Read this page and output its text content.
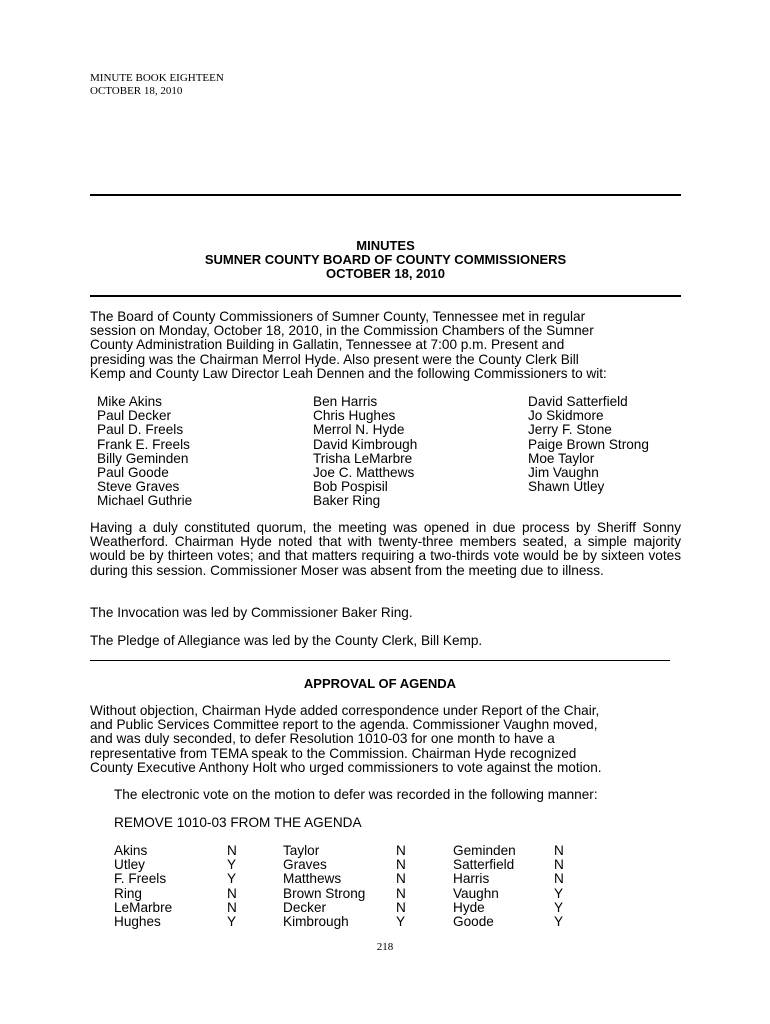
MINUTE BOOK EIGHTEEN
OCTOBER 18, 2010
MINUTES
SUMNER COUNTY BOARD OF COUNTY COMMISSIONERS
OCTOBER 18, 2010
The Board of County Commissioners of Sumner County, Tennessee met in regular
session on Monday, October 18, 2010, in the Commission Chambers of the Sumner
County Administration Building in Gallatin, Tennessee at 7:00 p.m. Present and
presiding was the Chairman Merrol Hyde. Also present were the County Clerk Bill
Kemp and County Law Director Leah Dennen and the following Commissioners to wit:
Mike Akins
Paul Decker
Paul D. Freels
Frank E. Freels
Billy Geminden
Paul Goode
Steve Graves
Michael Guthrie
Ben Harris
Chris Hughes
Merrol N. Hyde
David Kimbrough
Trisha LeMarbre
Joe C. Matthews
Bob Pospisil
Baker Ring
David Satterfield
Jo Skidmore
Jerry F. Stone
Paige Brown Strong
Moe Taylor
Jim Vaughn
Shawn Utley

Having a duly constituted quorum, the meeting was opened in due process by Sheriff Sonny Weatherford. Chairman Hyde noted that with twenty-three members seated, a simple majority would be by thirteen votes; and that matters requiring a two-thirds vote would be by sixteen votes during this session. Commissioner Moser was absent from the meeting due to illness.

The Invocation was led by Commissioner Baker Ring.

The Pledge of Allegiance was led by the County Clerk, Bill Kemp.

APPROVAL OF AGENDA
Without objection, Chairman Hyde added correspondence under Report of the Chair,
and Public Services Committee report to the agenda. Commissioner Vaughn moved,
and was duly seconded, to defer Resolution 1010-03 for one month to have a
representative from TEMA speak to the Commission. Chairman Hyde recognized
County Executive Anthony Holt who urged commissioners to vote against the motion.
The electronic vote on the motion to defer was recorded in the following manner:
REMOVE 1010-03 FROM THE AGENDA
Akins
Utley
F. Freels
Ring
LeMarbre
Hughes
N
Y
Y
N
N
Y
Taylor
Graves
Matthews
Brown Strong
Decker
Kimbrough
N
N
N
N
N
Y
Geminden
Satterfield
Harris
Vaughn
Hyde
Goode
N
N
N
Y
Y
Y
218
